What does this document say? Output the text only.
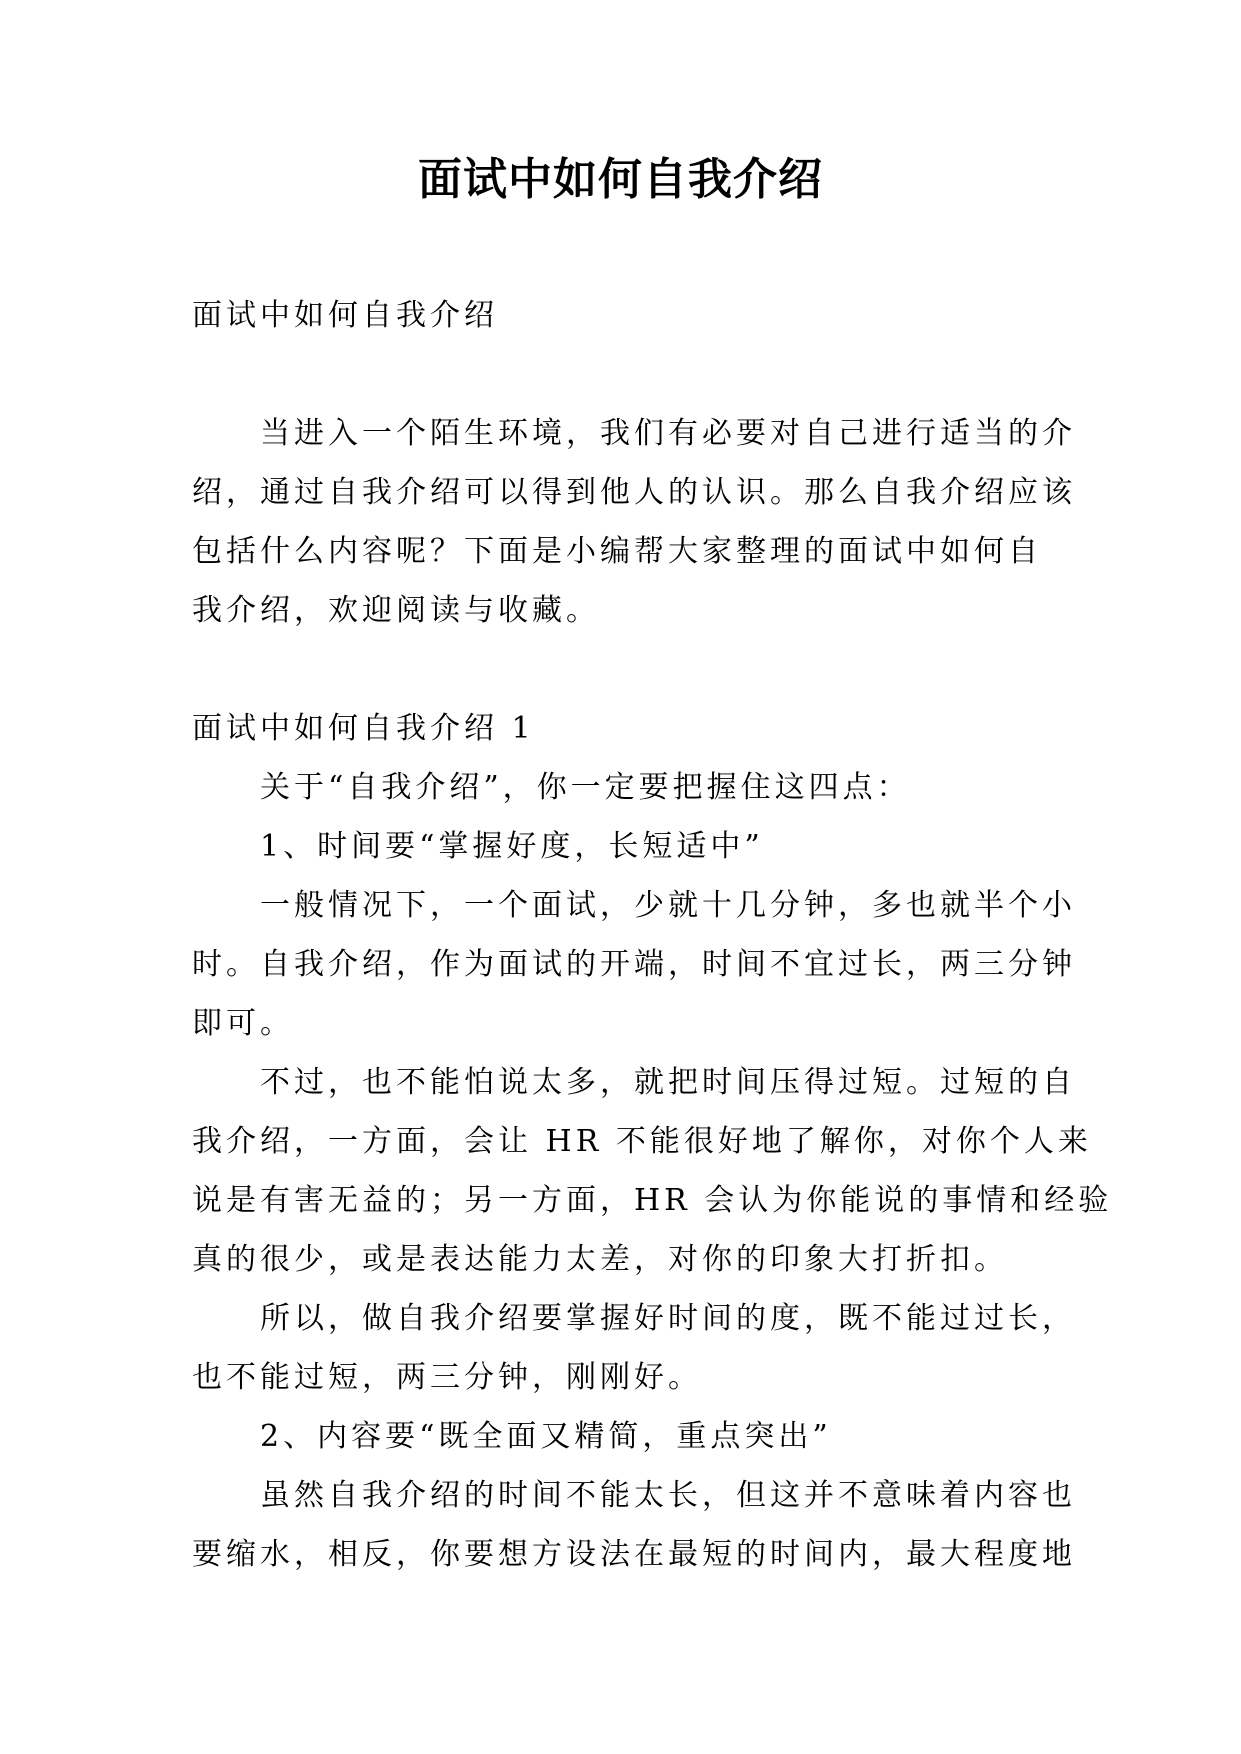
面试中如何自我介绍
面试中如何自我介绍
当进入一个陌生环境，我们有必要对自己进行适当的介
绍，通过自我介绍可以得到他人的认识。那么自我介绍应该
包括什么内容呢？下面是小编帮大家整理的面试中如何自
我介绍，欢迎阅读与收藏。
面试中如何自我介绍 1
关于“自我介绍”，你一定要把握住这四点：
1、时间要“掌握好度，长短适中”
一般情况下，一个面试，少就十几分钟，多也就半个小
时。自我介绍，作为面试的开端，时间不宜过长，两三分钟
即可。
不过，也不能怕说太多，就把时间压得过短。过短的自
我介绍，一方面，会让 HR 不能很好地了解你，对你个人来
说是有害无益的；另一方面，HR 会认为你能说的事情和经验
真的很少，或是表达能力太差，对你的印象大打折扣。
所以，做自我介绍要掌握好时间的度，既不能过过长，
也不能过短，两三分钟，刚刚好。
2、内容要“既全面又精简，重点突出”
虽然自我介绍的时间不能太长，但这并不意味着内容也
要缩水，相反，你要想方设法在最短的时间内，最大程度地
